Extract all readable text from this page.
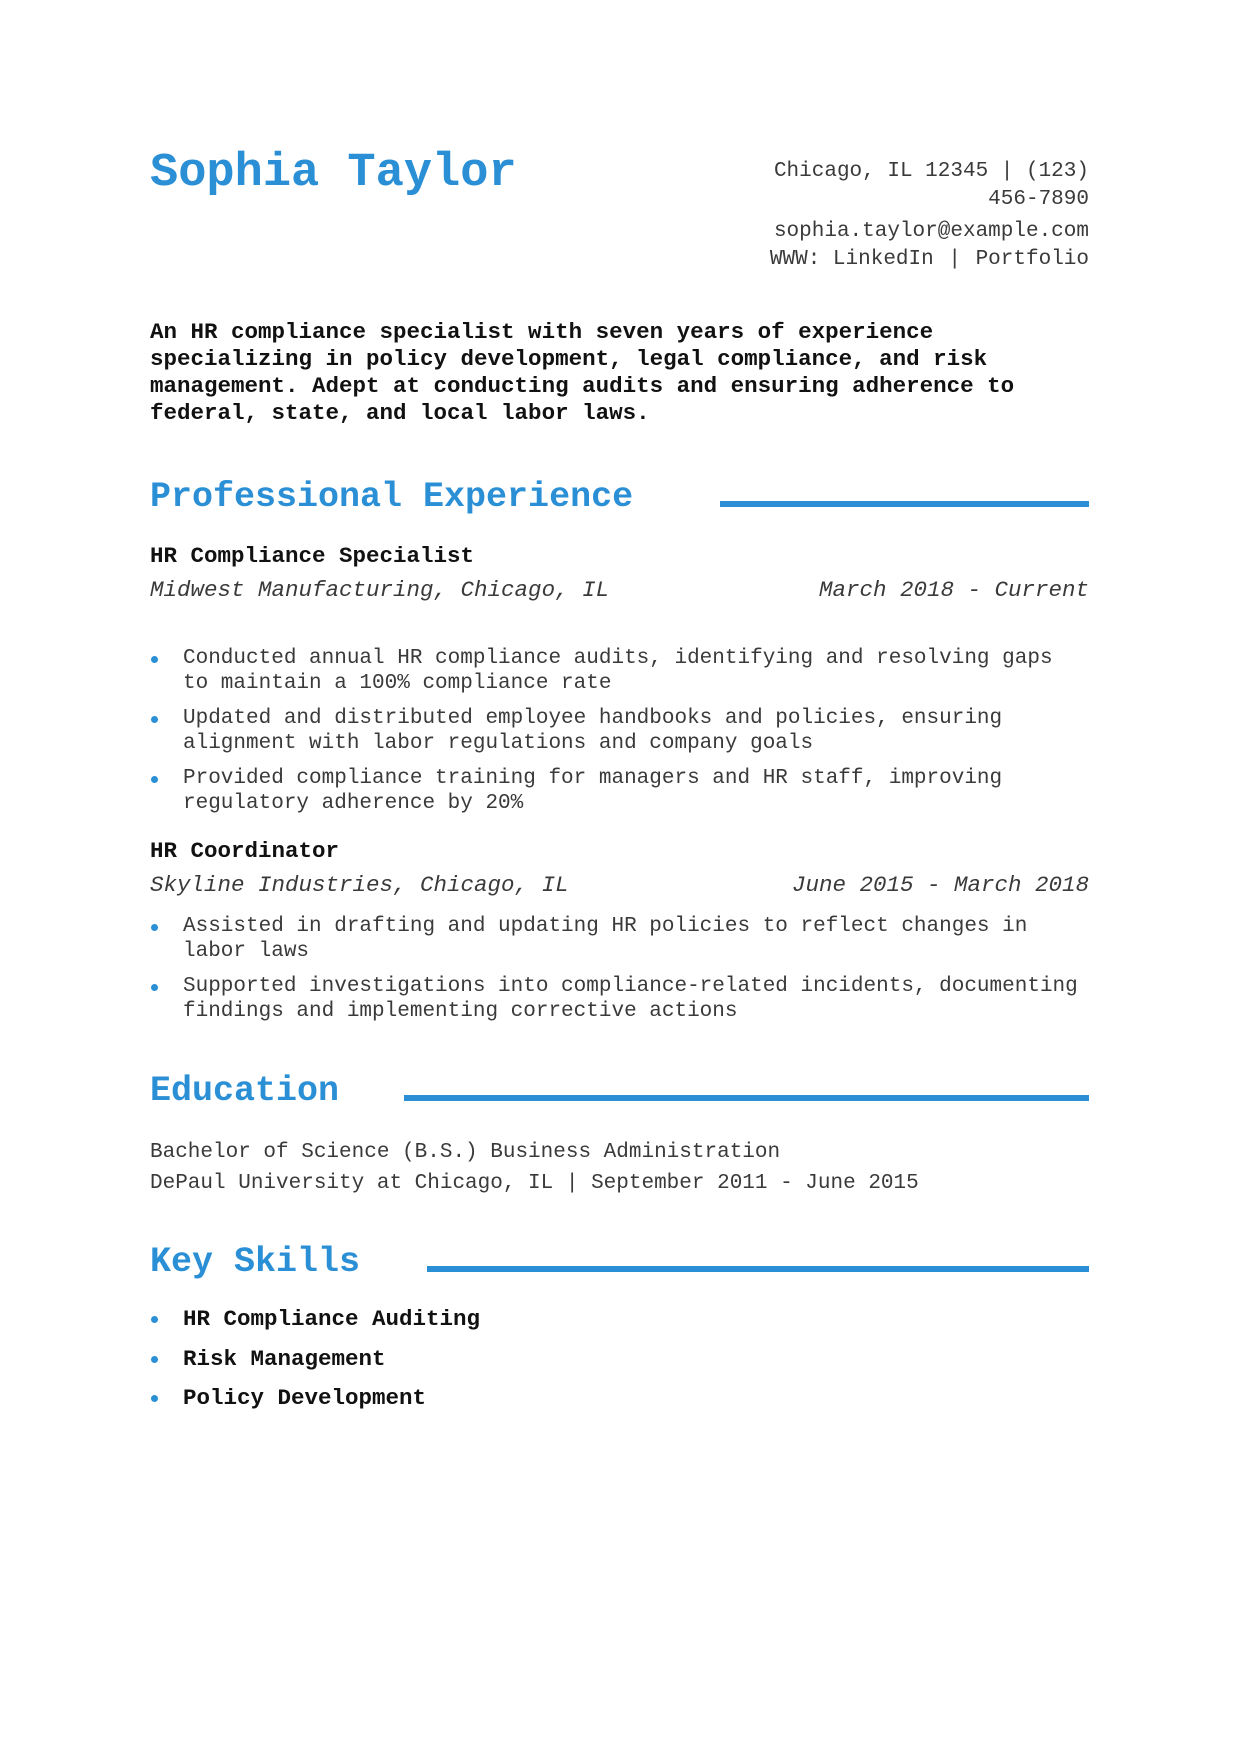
Sophia Taylor	Chicago, IL 12345 | (123)
456-7890
sophia.taylor@example.com
WWW: LinkedIn | Portfolio

An HR compliance specialist with seven years of experience specializing in policy development, legal compliance, and risk management. Adept at conducting audits and ensuring adherence to federal, state, and local labor laws.

Professional Experience
HR Compliance Specialist
Midwest Manufacturing, Chicago, IL	March 2018 - Current
Conducted annual HR compliance audits, identifying and resolving gaps to maintain a 100% compliance rate
Updated and distributed employee handbooks and policies, ensuring alignment with labor regulations and company goals
Provided compliance training for managers and HR staff, improving regulatory adherence by 20%
HR Coordinator
Skyline Industries, Chicago, IL	June 2015 - March 2018
Assisted in drafting and updating HR policies to reflect changes in labor laws
Supported investigations into compliance-related incidents, documenting findings and implementing corrective actions
Education
Bachelor of Science (B.S.) Business Administration
DePaul University at Chicago, IL | September 2011 - June 2015
Key Skills
HR Compliance Auditing
Risk Management
Policy Development
